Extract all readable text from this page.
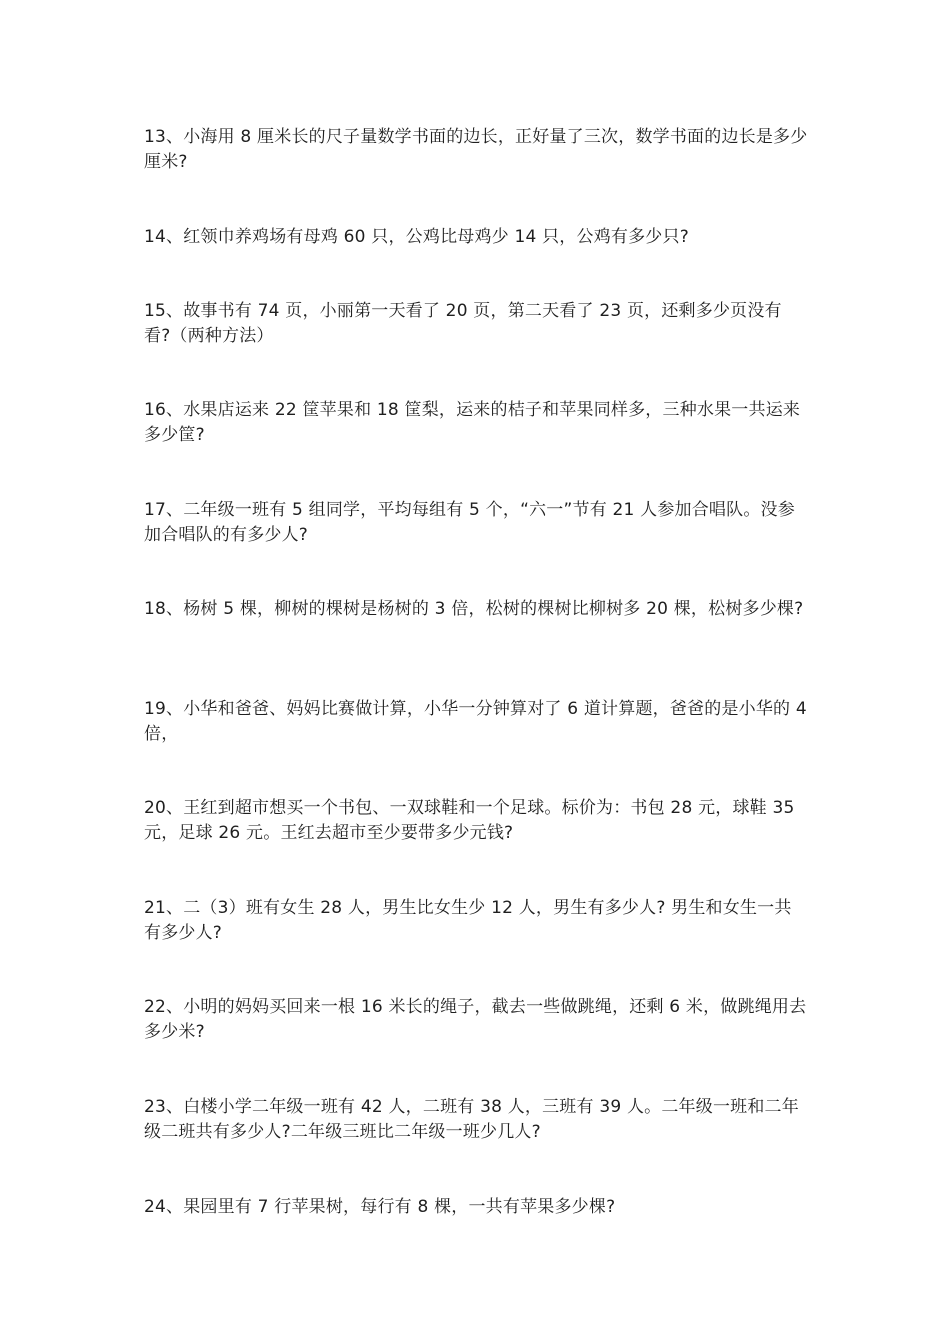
13、小海用 8 厘米长的尺子量数学书面的边长，正好量了三次，数学书面的边长是多少厘米?

14、红领巾养鸡场有母鸡 60 只，公鸡比母鸡少 14 只，公鸡有多少只?

15、故事书有 74 页，小丽第一天看了 20 页，第二天看了 23 页，还剩多少页没有看?（两种方法）

16、水果店运来 22 筐苹果和 18 筐梨，运来的桔子和苹果同样多，三种水果一共运来多少筐?

17、二年级一班有 5 组同学，平均每组有 5 个，“六一”节有 21 人参加合唱队。没参加合唱队的有多少人?

18、杨树 5 棵，柳树的棵树是杨树的 3 倍，松树的棵树比柳树多 20 棵，松树多少棵?

19、小华和爸爸、妈妈比赛做计算，小华一分钟算对了 6 道计算题，爸爸的是小华的 4 倍，

20、王红到超市想买一个书包、一双球鞋和一个足球。标价为：书包 28 元，球鞋 35 元，足球 26 元。王红去超市至少要带多少元钱?

21、二（3）班有女生 28 人，男生比女生少 12 人，男生有多少人? 男生和女生一共有多少人?

22、小明的妈妈买回来一根 16 米长的绳子，截去一些做跳绳，还剩 6 米，做跳绳用去多少米?

23、白楼小学二年级一班有 42 人，二班有 38 人，三班有 39 人。二年级一班和二年级二班共有多少人?二年级三班比二年级一班少几人?

24、果园里有 7 行苹果树，每行有 8 棵，一共有苹果多少棵?
